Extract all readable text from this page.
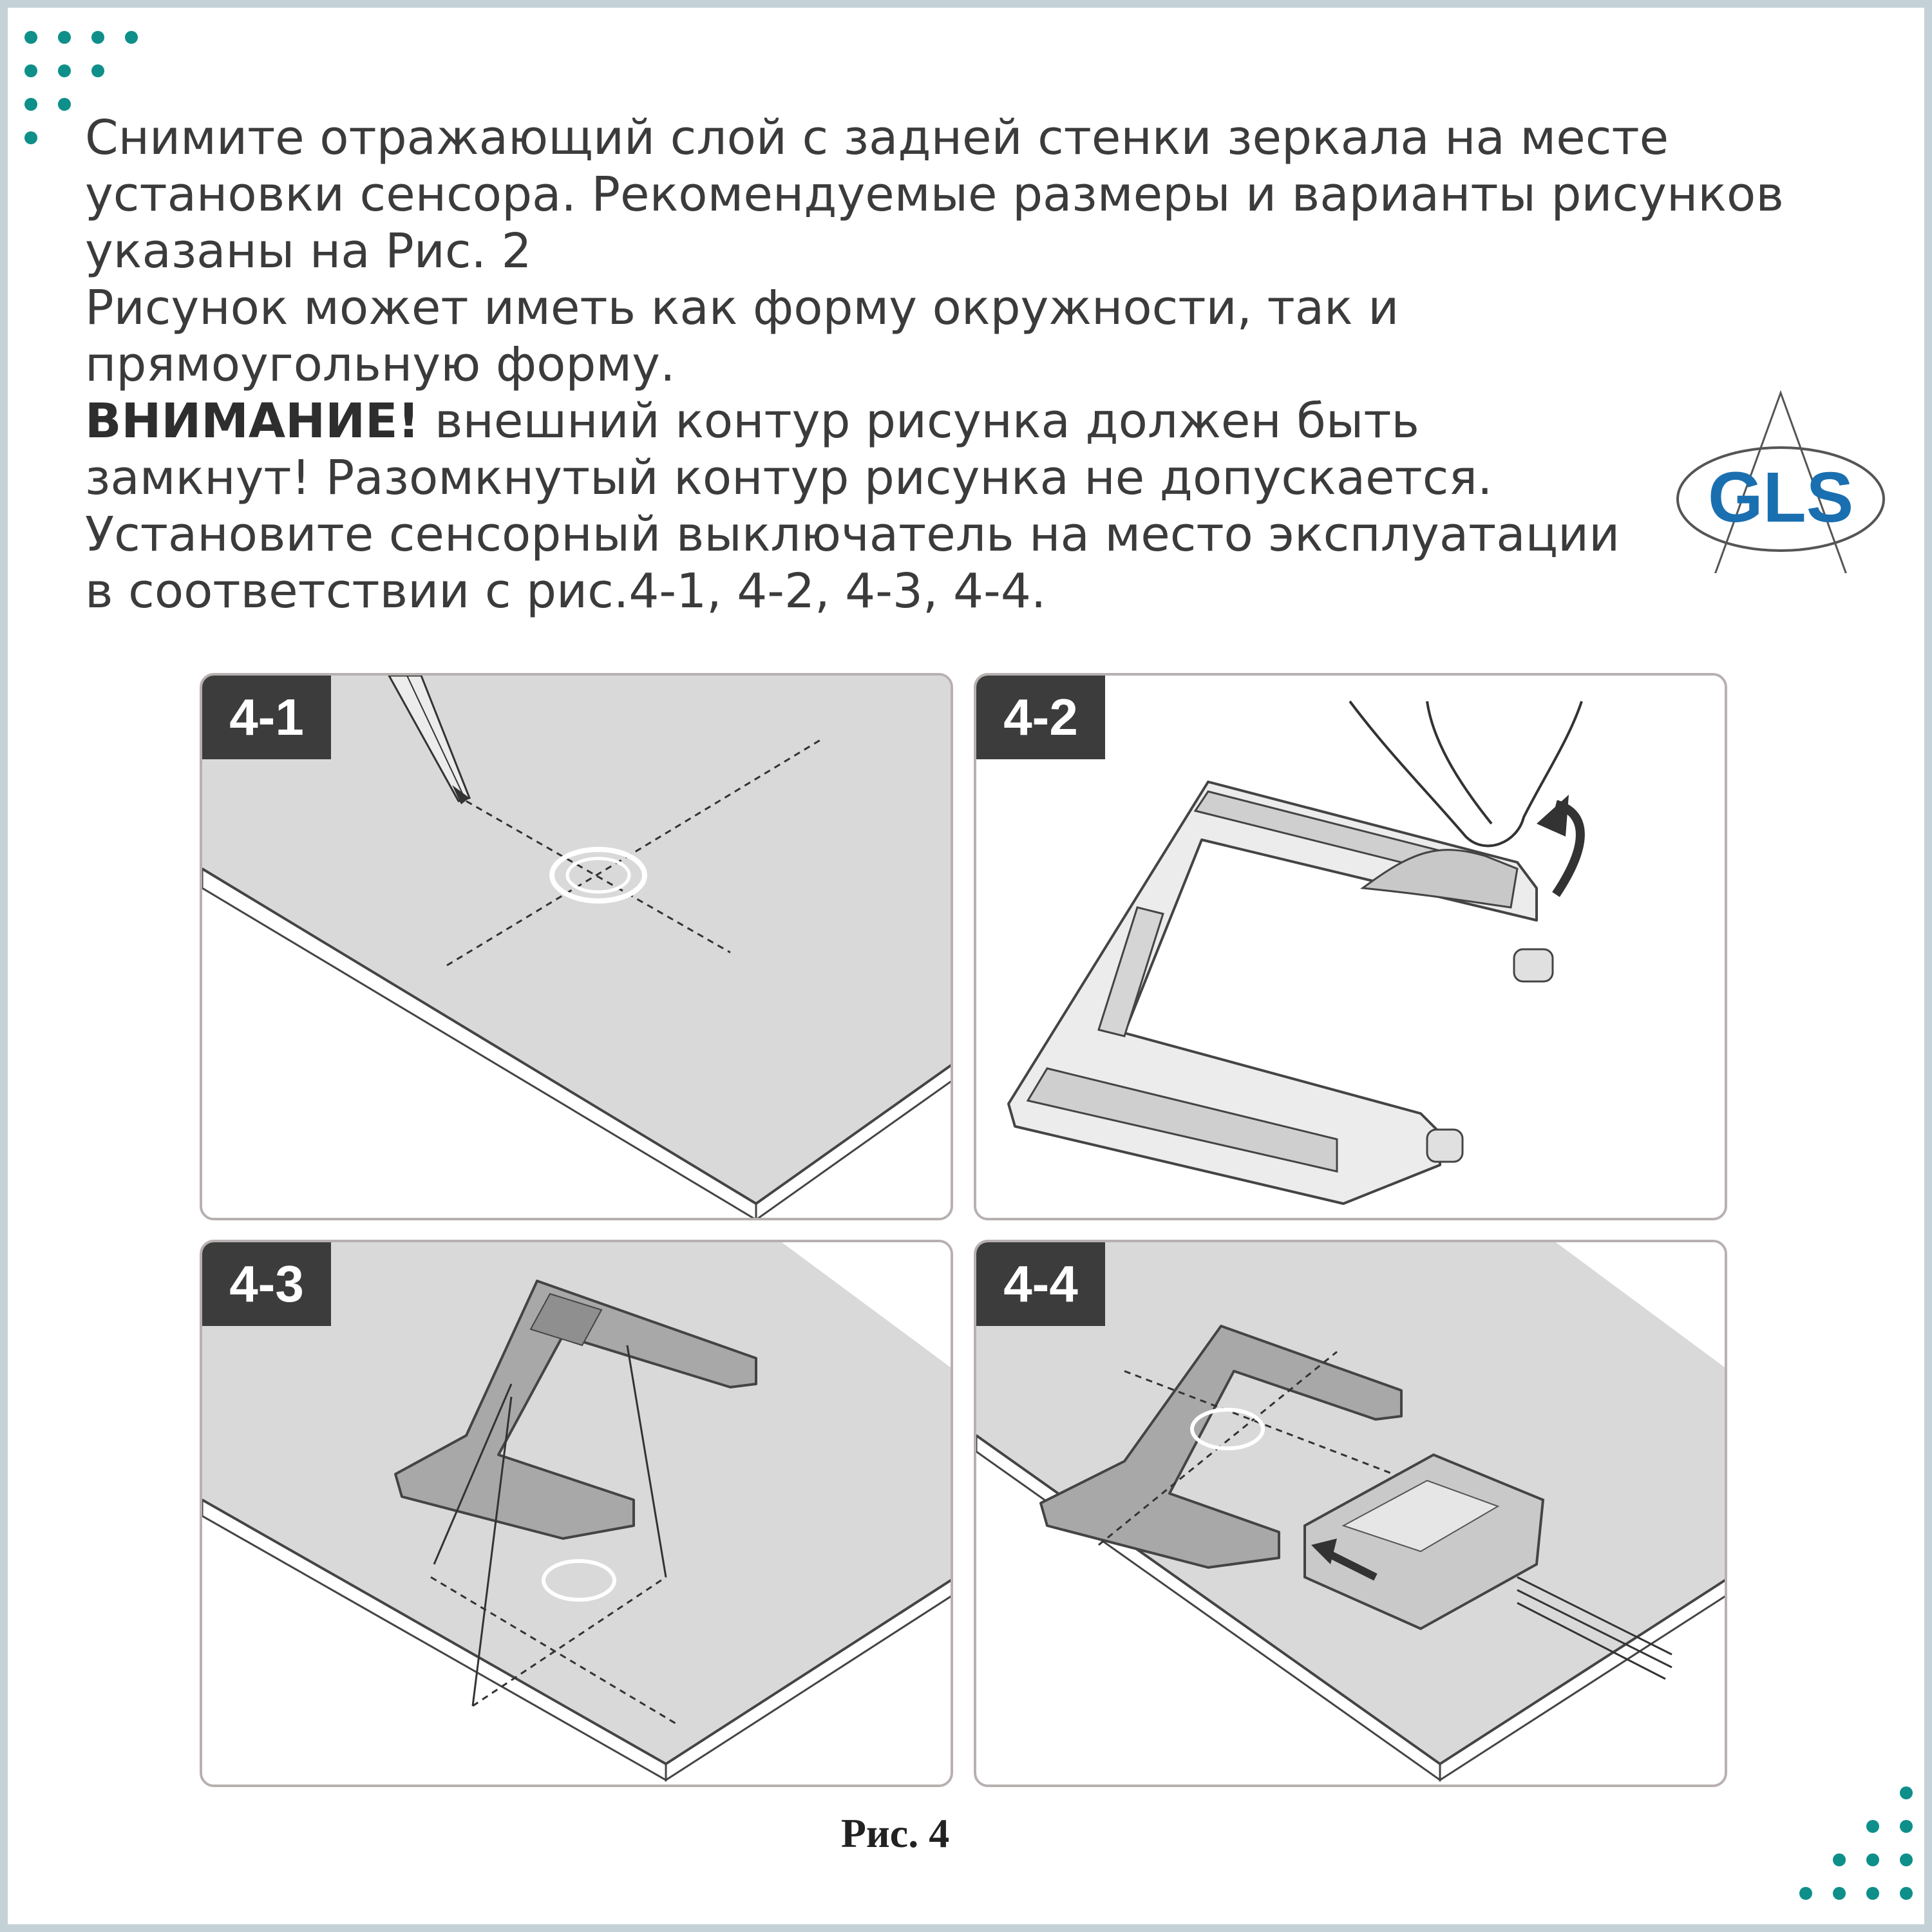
Снимите отражающий слой с задней стенки зеркала на месте установки сенсора. Рекомендуемые размеры и варианты рисунков указаны на Рис. 2

Рисунок может иметь как форму окружности, так и прямоугольную форму.

ВНИМАНИЕ! внешний контур рисунка должен быть замкнут! Разомкнутый контур рисунка не допускается.

Установите сенсорный выключатель на место эксплуатации в соответствии с рис.4-1, 4-2, 4-3, 4-4.

GLS
4-1	4-2
4-3	4-4
Рис. 4
